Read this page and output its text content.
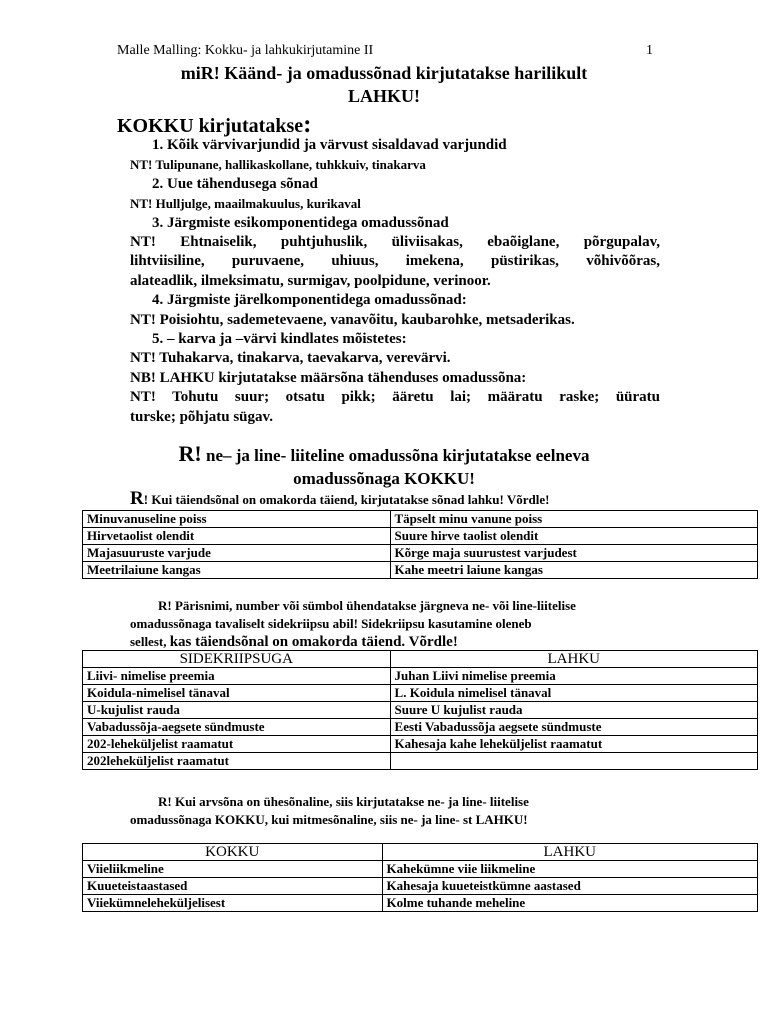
Malle Malling: Kokku- ja lahkukirjutamine II	1
miR! Käänd- ja omadussõnad kirjutatakse harilikult
LAHKU!
KOKKU kirjutatakse:
1. Kõik värvivarjundid ja värvust sisaldavad varjundid
NT! Tulipunane, hallikaskollane, tuhkkuiv, tinakarva
2. Uue tähendusega sõnad
NT! Hulljulge, maailmakuulus, kurikaval
3. Järgmiste esikomponentidega omadussõnad
NT! Ehtnaiselik, puhtjuhuslik, üliviisakas, ebaõiglane, põrgupalav,
lihtviisiline, puruvaene, uhiuus, imekena, püstirikas, võhivõõras,
alateadlik, ilmeksimatu, surmigav, poolpidune, verinoor.
4. Järgmiste järelkomponentidega omadussõnad:
NT! Poisiohtu, sademetevaene, vanavõitu, kaubarohke, metsaderikas.
5. – karva ja –värvi kindlates mõistetes:
NT! Tuhakarva, tinakarva, taevakarva, verevärvi.
NB! LAHKU kirjutatakse määrsõna tähenduses omadussõna:
NT! Tohutu suur; otsatu pikk; ääretu lai; määratu raske; üüratu
turske; põhjatu sügav.
R! ne– ja line- liiteline omadussõna kirjutatakse eelneva
omadussõnaga KOKKU!
R! Kui täiendsõnal on omakorda täiend, kirjutatakse sõnad lahku! Võrdle!
Minuvanuseline poiss	Täpselt minu vanune poiss
Hirvetaolist olendit	Suure hirve taolist olendit
Majasuuruste varjude	Kõrge maja suurustest varjudest
Meetrilaiune kangas	Kahe meetri laiune kangas
R! Pärisnimi, number või sümbol ühendatakse järgneva ne- või line-liitelise
omadussõnaga tavaliselt sidekriipsu abil! Sidekriipsu kasutamine oleneb
sellest, kas täiendsõnal on omakorda täiend. Võrdle!
SIDEKRIIPSUGA	LAHKU
Liivi- nimelise preemia	Juhan Liivi nimelise preemia
Koidula-nimelisel tänaval	L. Koidula nimelisel tänaval
U-kujulist rauda	Suure U kujulist rauda
Vabadussõja-aegsete sündmuste	Eesti Vabadussõja aegsete sündmuste
202-leheküljelist raamatut	Kahesaja kahe leheküljelist raamatut
202leheküljelist raamatut	
R! Kui arvsõna on ühesõnaline, siis kirjutatakse ne- ja line- liitelise
omadussõnaga KOKKU, kui mitmesõnaline, siis ne- ja line- st LAHKU!
KOKKU	LAHKU
Viieliikmeline	Kahekümne viie liikmeline
Kuueteistaastased	Kahesaja kuueteistkümne aastased
Viiekümneleheküljelisest	Kolme tuhande meheline
